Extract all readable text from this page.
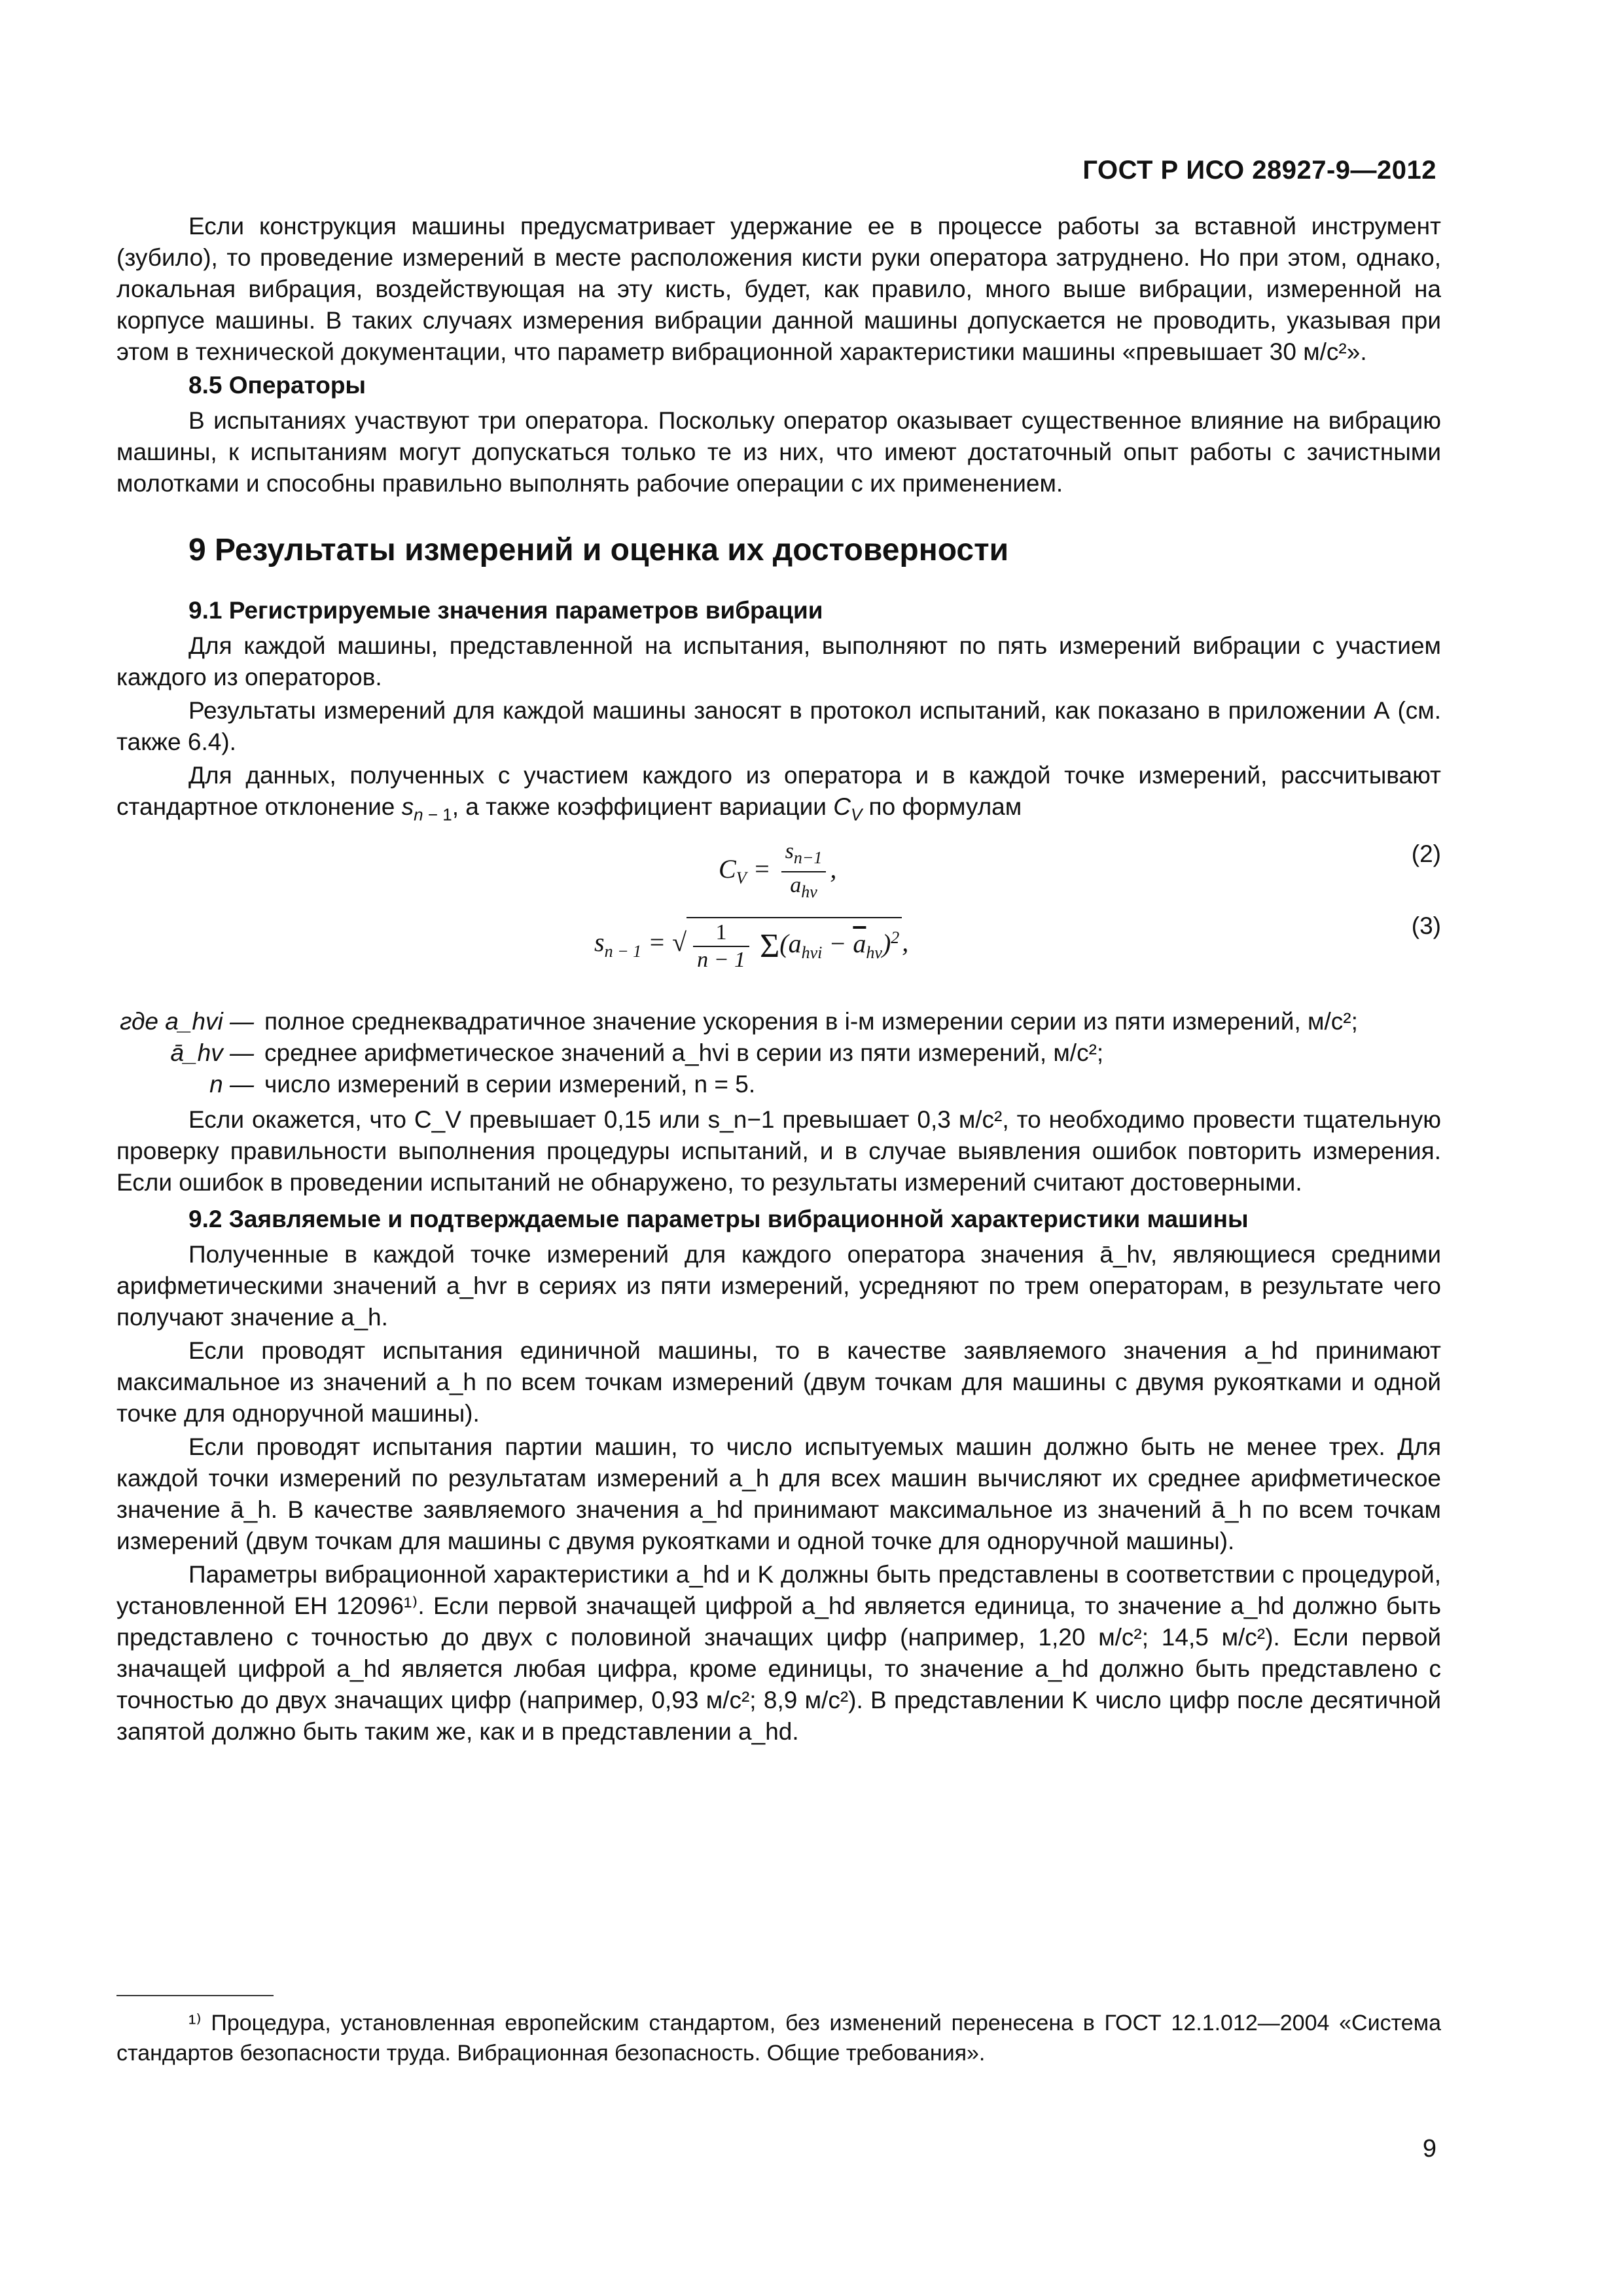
ГОСТ Р ИСО 28927-9—2012

Если конструкция машины предусматривает удержание ее в процессе работы за вставной инструмент (зубило), то проведение измерений в месте расположения кисти руки оператора затруднено. Но при этом, однако, локальная вибрация, воздействующая на эту кисть, будет, как правило, много выше вибрации, измеренной на корпусе машины. В таких случаях измерения вибрации данной машины допускается не проводить, указывая при этом в технической документации, что параметр вибрационной характеристики машины «превышает 30 м/с²».

8.5 Операторы

В испытаниях участвуют три оператора. Поскольку оператор оказывает существенное влияние на вибрацию машины, к испытаниям могут допускаться только те из них, что имеют достаточный опыт работы с зачистными молотками и способны правильно выполнять рабочие операции с их применением.

9 Результаты измерений и оценка их достоверности
9.1 Регистрируемые значения параметров вибрации

Для каждой машины, представленной на испытания, выполняют по пять измерений вибрации с участием каждого из операторов.

Результаты измерений для каждой машины заносят в протокол испытаний, как показано в приложении А (см. также 6.4).

Для данных, полученных с участием каждого из оператора и в каждой точке измерений, рассчитывают стандартное отклонение $s_{n - 1}$, а также коэффициент вариации $C_V$ по формулам

$C_V = \frac{s_{n-1}}{a_{hv}}$ ,
(2)
$s_{n - 1}$ = √ $\frac{1}{n - 1} \Sigma(a_{hvi} - \overline{a}_{hv})^2$ ,
(3)
где a_hvi — полное среднеквадратичное значение ускорения в i-м измерении серии из пяти измерений, м/с²;
ā_hv — среднее арифметическое значений a_hvi в серии из пяти измерений, м/с²;
n — число измерений в серии измерений, n = 5.

Если окажется, что C_V превышает 0,15 или s_n−1 превышает 0,3 м/с², то необходимо провести тщательную проверку правильности выполнения процедуры испытаний, и в случае выявления ошибок повторить измерения. Если ошибок в проведении испытаний не обнаружено, то результаты измерений считают достоверными.

9.2 Заявляемые и подтверждаемые параметры вибрационной характеристики машины

Полученные в каждой точке измерений для каждого оператора значения ā_hv, являющиеся средними арифметическими значений a_hvr в сериях из пяти измерений, усредняют по трем операторам, в результате чего получают значение a_h.

Если проводят испытания единичной машины, то в качестве заявляемого значения a_hd принимают максимальное из значений a_h по всем точкам измерений (двум точкам для машины с двумя рукоятками и одной точке для одноручной машины).

Если проводят испытания партии машин, то число испытуемых машин должно быть не менее трех. Для каждой точки измерений по результатам измерений a_h для всех машин вычисляют их среднее арифметическое значение ā_h. В качестве заявляемого значения a_hd принимают максимальное из значений ā_h по всем точкам измерений (двум точкам для машины с двумя рукоятками и одной точке для одноручной машины).

Параметры вибрационной характеристики a_hd и K должны быть представлены в соответствии с процедурой, установленной ЕН 12096¹⁾. Если первой значащей цифрой a_hd является единица, то значение a_hd должно быть представлено с точностью до двух с половиной значащих цифр (например, 1,20 м/с²; 14,5 м/с²). Если первой значащей цифрой a_hd является любая цифра, кроме единицы, то значение a_hd должно быть представлено с точностью до двух значащих цифр (например, 0,93 м/с²; 8,9 м/с²). В представлении K число цифр после десятичной запятой должно быть таким же, как и в представлении a_hd.

¹⁾ Процедура, установленная европейским стандартом, без изменений перенесена в ГОСТ 12.1.012—2004 «Система стандартов безопасности труда. Вибрационная безопасность. Общие требования».
9
